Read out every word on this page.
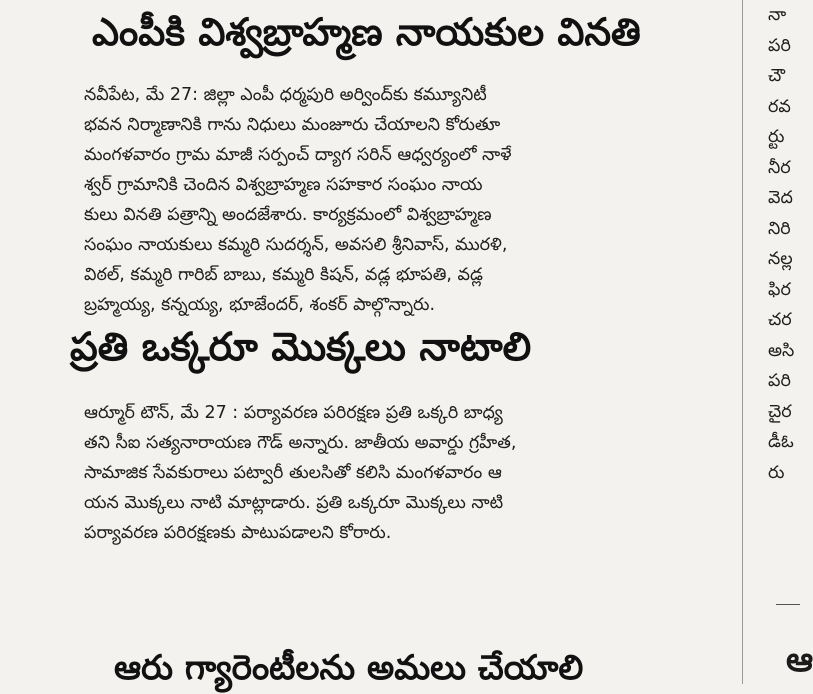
ఎంపీకి విశ్వబ్రాహ్మణ నాయకుల వినతి

నవీపేట, మే 27: జిల్లా ఎంపీ ధర్మపురి అర్వింద్‌కు కమ్యూనిటీ
భవన నిర్మాణానికి గాను నిధులు మంజూరు చేయాలని కోరుతూ
మంగళవారం గ్రామ మాజీ సర్పంచ్ ద్యాగ సరిన్ ఆధ్వర్యంలో నాళే
శ్వర్ గ్రామానికి చెందిన విశ్వబ్రాహ్మణ సహకార సంఘం నాయ
కులు వినతి పత్రాన్ని అందజేశారు. కార్యక్రమంలో విశ్వబ్రాహ్మణ
సంఘం నాయకులు కమ్మరి సుదర్శన్, అవసలి శ్రీనివాస్, మురళి,
విఠల్, కమ్మరి గారిబ్ బాబు, కమ్మరి కిషన్, వడ్ల భూపతి, వడ్ల
బ్రహ్మయ్య, కన్నయ్య, భూజేందర్, శంకర్ పాల్గొన్నారు.

ప్రతి ఒక్కరూ మొక్కలు నాటాలి

ఆర్మూర్ టౌన్, మే 27 : పర్యావరణ పరిరక్షణ ప్రతి ఒక్కరి బాధ్య
తని సీఐ సత్యనారాయణ గౌడ్ అన్నారు. జాతీయ అవార్డు గ్రహీత,
సామాజిక సేవకురాలు పట్వారీ తులసితో కలిసి మంగళవారం ఆ
యన మొక్కలు నాటి మాట్లాడారు. ప్రతి ఒక్కరూ మొక్కలు నాటి
పర్యావరణ పరిరక్షణకు పాటుపడాలని కోరారు.

ఆరు గ్యారెంటీలను అమలు చేయాలి
నా
పరి
చౌ
రవ
ర్టు
నీర
వెద
నిరి
నల్ల
ఫిర
చర
అసి
పరి
చైర
డీఓ
రు
ఆ
